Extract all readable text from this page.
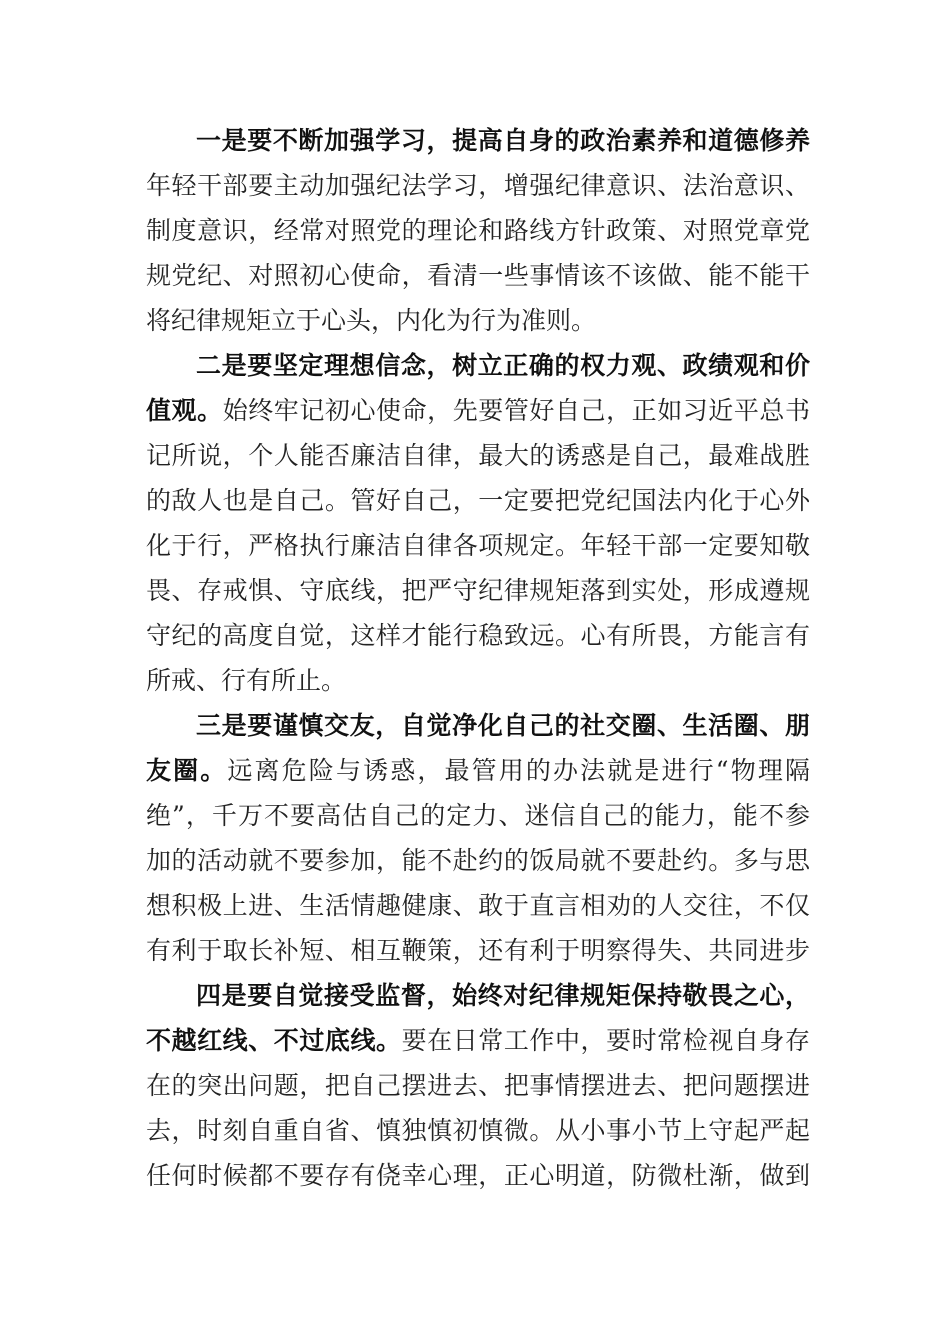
一是要不断加强学习，提高自身的政治素养和道德修养
年轻干部要主动加强纪法学习，增强纪律意识、法治意识、
制度意识，经常对照党的理论和路线方针政策、对照党章党
规党纪、对照初心使命，看清一些事情该不该做、能不能干
将纪律规矩立于心头，内化为行为准则。
二是要坚定理想信念，树立正确的权力观、政绩观和价
值观。始终牢记初心使命，先要管好自己，正如习近平总书
记所说，个人能否廉洁自律，最大的诱惑是自己，最难战胜
的敌人也是自己。管好自己，一定要把党纪国法内化于心外
化于行，严格执行廉洁自律各项规定。年轻干部一定要知敬
畏、存戒惧、守底线，把严守纪律规矩落到实处，形成遵规
守纪的高度自觉，这样才能行稳致远。心有所畏，方能言有
所戒、行有所止。
三是要谨慎交友，自觉净化自己的社交圈、生活圈、朋
友圈。远离危险与诱惑，最管用的办法就是进行“物理隔
绝”，千万不要高估自己的定力、迷信自己的能力，能不参
加的活动就不要参加，能不赴约的饭局就不要赴约。多与思
想积极上进、生活情趣健康、敢于直言相劝的人交往，不仅
有利于取长补短、相互鞭策，还有利于明察得失、共同进步
四是要自觉接受监督，始终对纪律规矩保持敬畏之心，
不越红线、不过底线。要在日常工作中，要时常检视自身存
在的突出问题，把自己摆进去、把事情摆进去、把问题摆进
去，时刻自重自省、慎独慎初慎微。从小事小节上守起严起
任何时候都不要存有侥幸心理，正心明道，防微杜渐，做到
